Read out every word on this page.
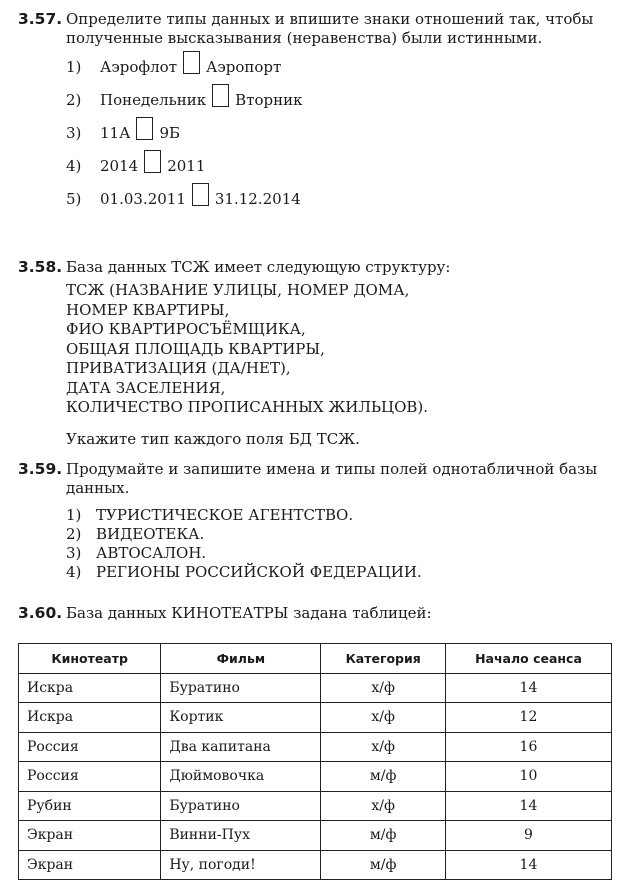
3.57. Определите типы данных и впишите знаки отношений так, чтобы полученные высказывания (неравенства) были истинными.
1)	Аэрофлот Аэропорт
2)	Понедельник Вторник
3)	11А 9Б
4)	2014 2011
5)	01.03.2011 31.12.2014
3.58. База данных ТСЖ имеет следующую структуру:
ТСЖ (НАЗВАНИЕ УЛИЦЫ, НОМЕР ДОМА,
НОМЕР КВАРТИРЫ,
ФИО КВАРТИРОСЪЁМЩИКА,
ОБЩАЯ ПЛОЩАДЬ КВАРТИРЫ,
ПРИВАТИЗАЦИЯ (ДА/НЕТ),
ДАТА ЗАСЕЛЕНИЯ,
КОЛИЧЕСТВО ПРОПИСАННЫХ ЖИЛЬЦОВ).
Укажите тип каждого поля БД ТСЖ.
3.59. Продумайте и запишите имена и типы полей однотабличной базы данных.
1) ТУРИСТИЧЕСКОЕ АГЕНТСТВО.
2) ВИДЕОТЕКА.
3) АВТОСАЛОН.
4) РЕГИОНЫ РОССИЙСКОЙ ФЕДЕРАЦИИ.
3.60. База данных КИНОТЕАТРЫ задана таблицей:
Кинотеатр	Фильм	Категория	Начало сеанса
Искра	Буратино	х/ф	14
Искра	Кортик	х/ф	12
Россия	Два капитана	х/ф	16
Россия	Дюймовочка	м/ф	10
Рубин	Буратино	х/ф	14
Экран	Винни-Пух	м/ф	9
Экран	Ну, погоди!	м/ф	14
